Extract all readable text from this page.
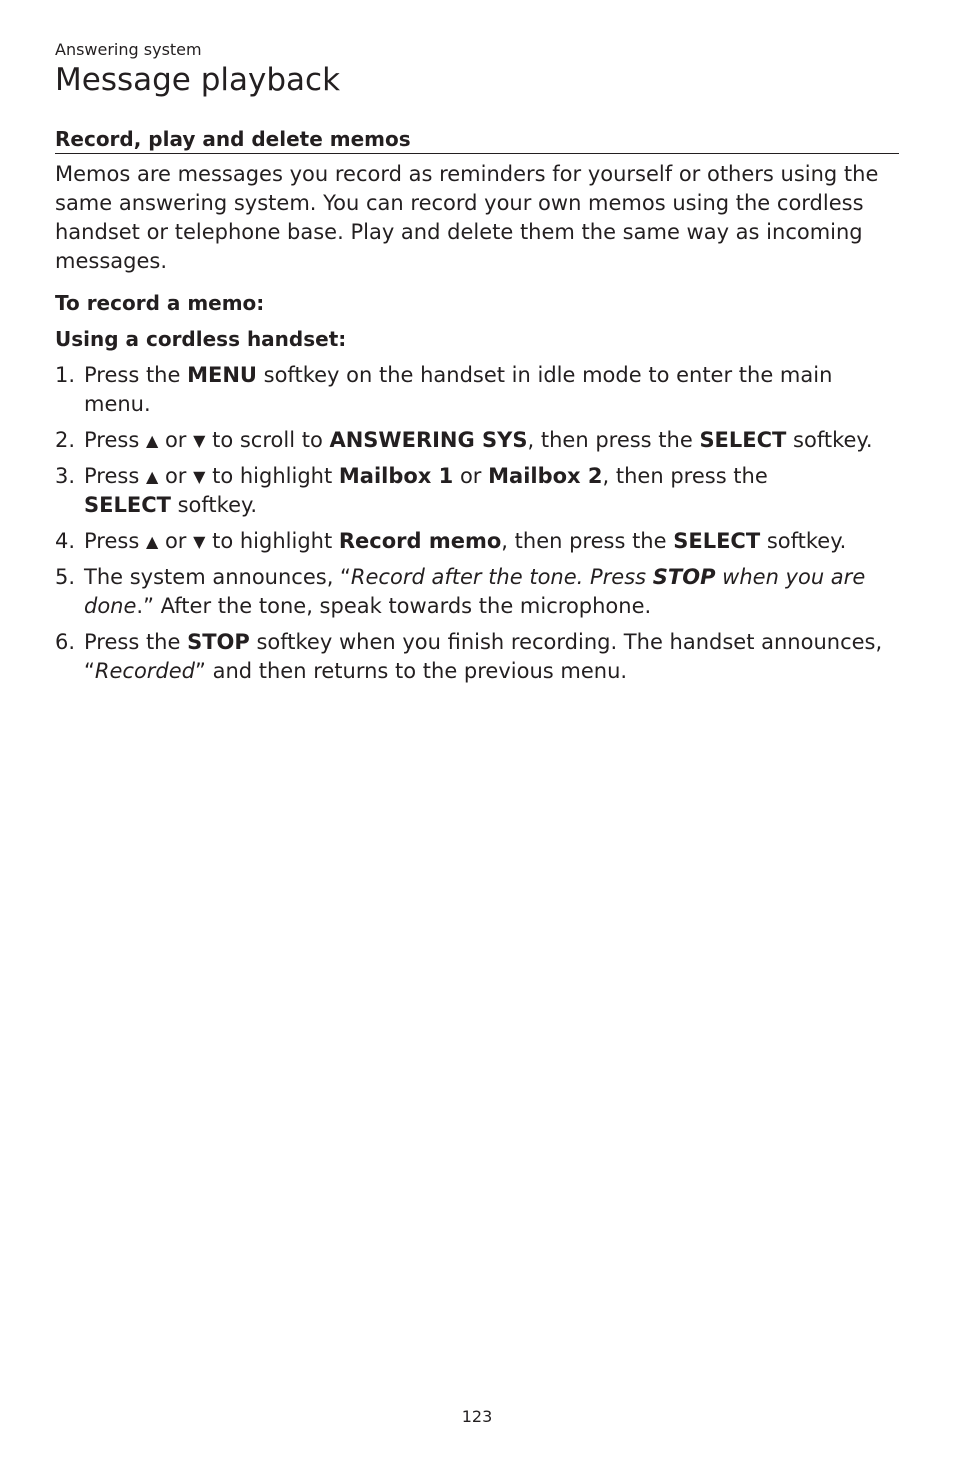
Answering system
Message playback
Record, play and delete memos

Memos are messages you record as reminders for yourself or others using the same answering system. You can record your own memos using the cordless handset or telephone base. Play and delete them the same way as incoming messages.

To record a memo:
Using a cordless handset:
1. Press the MENU softkey on the handset in idle mode to enter the main menu.
2. Press ▲ or ▼ to scroll to ANSWERING SYS, then press the SELECT softkey.
3. Press ▲ or ▼ to highlight Mailbox 1 or Mailbox 2, then press the
SELECT softkey.
4. Press ▲ or ▼ to highlight Record memo, then press the SELECT softkey.
5. The system announces, “Record after the tone. Press STOP when you are done.” After the tone, speak towards the microphone.
6. Press the STOP softkey when you finish recording. The handset announces, “Recorded” and then returns to the previous menu.
123
